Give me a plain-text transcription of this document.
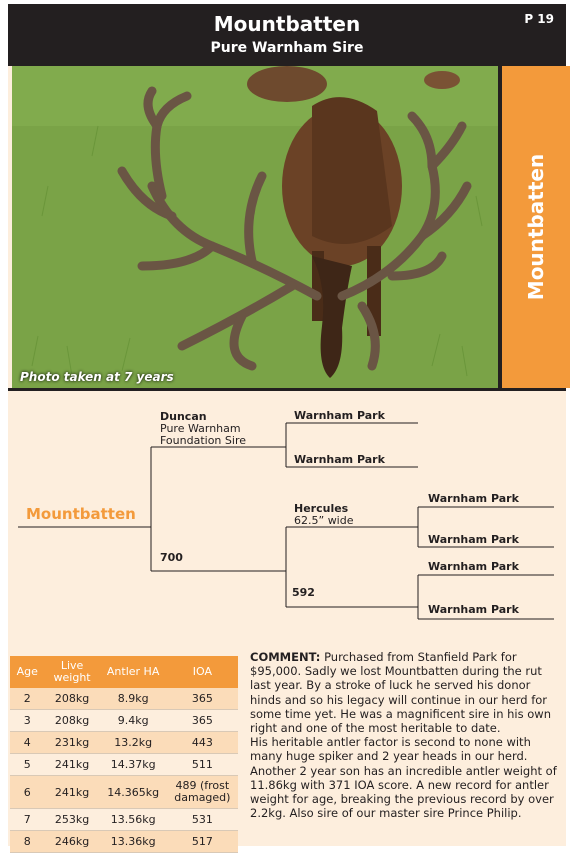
Mountbatten
Pure Warnham Sire
P 19
Photo taken at 7 years
Mountbatten
Mountbatten
Duncan
Pure Warnham
Foundation Sire
Warnham Park
Warnham Park
700
Hercules
62.5” wide
Warnham Park
Warnham Park
592
Warnham Park
Warnham Park
Age	Live weight	Antler HA	IOA
2	208kg	8.9kg	365
3	208kg	9.4kg	365
4	231kg	13.2kg	443
5	241kg	14.37kg	511
6	241kg	14.365kg	489 (frost damaged)
7	253kg	13.56kg	531
8	246kg	13.36kg	517

COMMENT: Purchased from Stanfield Park for $95,000. Sadly we lost Mountbatten during the rut last year. By a stroke of luck he served his donor hinds and so his legacy will continue in our herd for some time yet. He was a magnificent sire in his own right and one of the most heritable to date.

His heritable antler factor is second to none with many huge spiker and 2 year heads in our herd. Another 2 year son has an incredible antler weight of 11.86kg with 371 IOA score. A new record for antler weight for age, breaking the previous record by over 2.2kg. Also sire of our master sire Prince Philip.
